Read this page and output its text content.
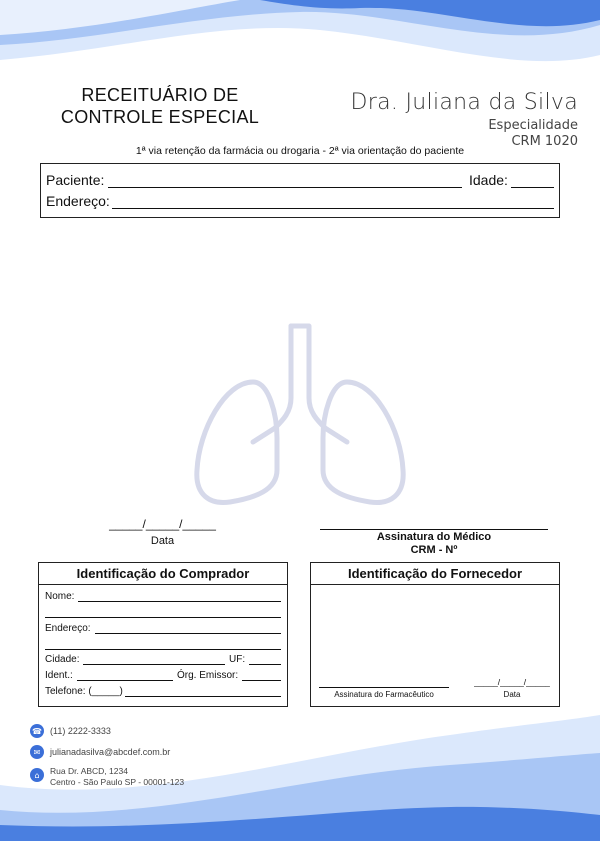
RECEITUÁRIO DE
CONTROLE ESPECIAL
Dra. Juliana da Silva
Especialidade
CRM 1020
1ª via retenção da farmácia ou drogaria - 2ª via orientação do paciente
Paciente:	Idade:
Endereço:
_____/_____/_____
Data	Assinatura do Médico
CRM - Nº
Identificação do Comprador
Nome:
Endereço:
Cidade:	UF:
Ident.:	Órg. Emissor:
Telefone: (_____)
Identificação do Fornecedor
Assinatura do Farmacêutico
_____/_____/_____
Data
☎ (11) 2222-3333
✉	julianadasilva@abcdef.com.br
⌂	Rua Dr. ABCD, 1234
Centro - São Paulo SP - 00001-123
